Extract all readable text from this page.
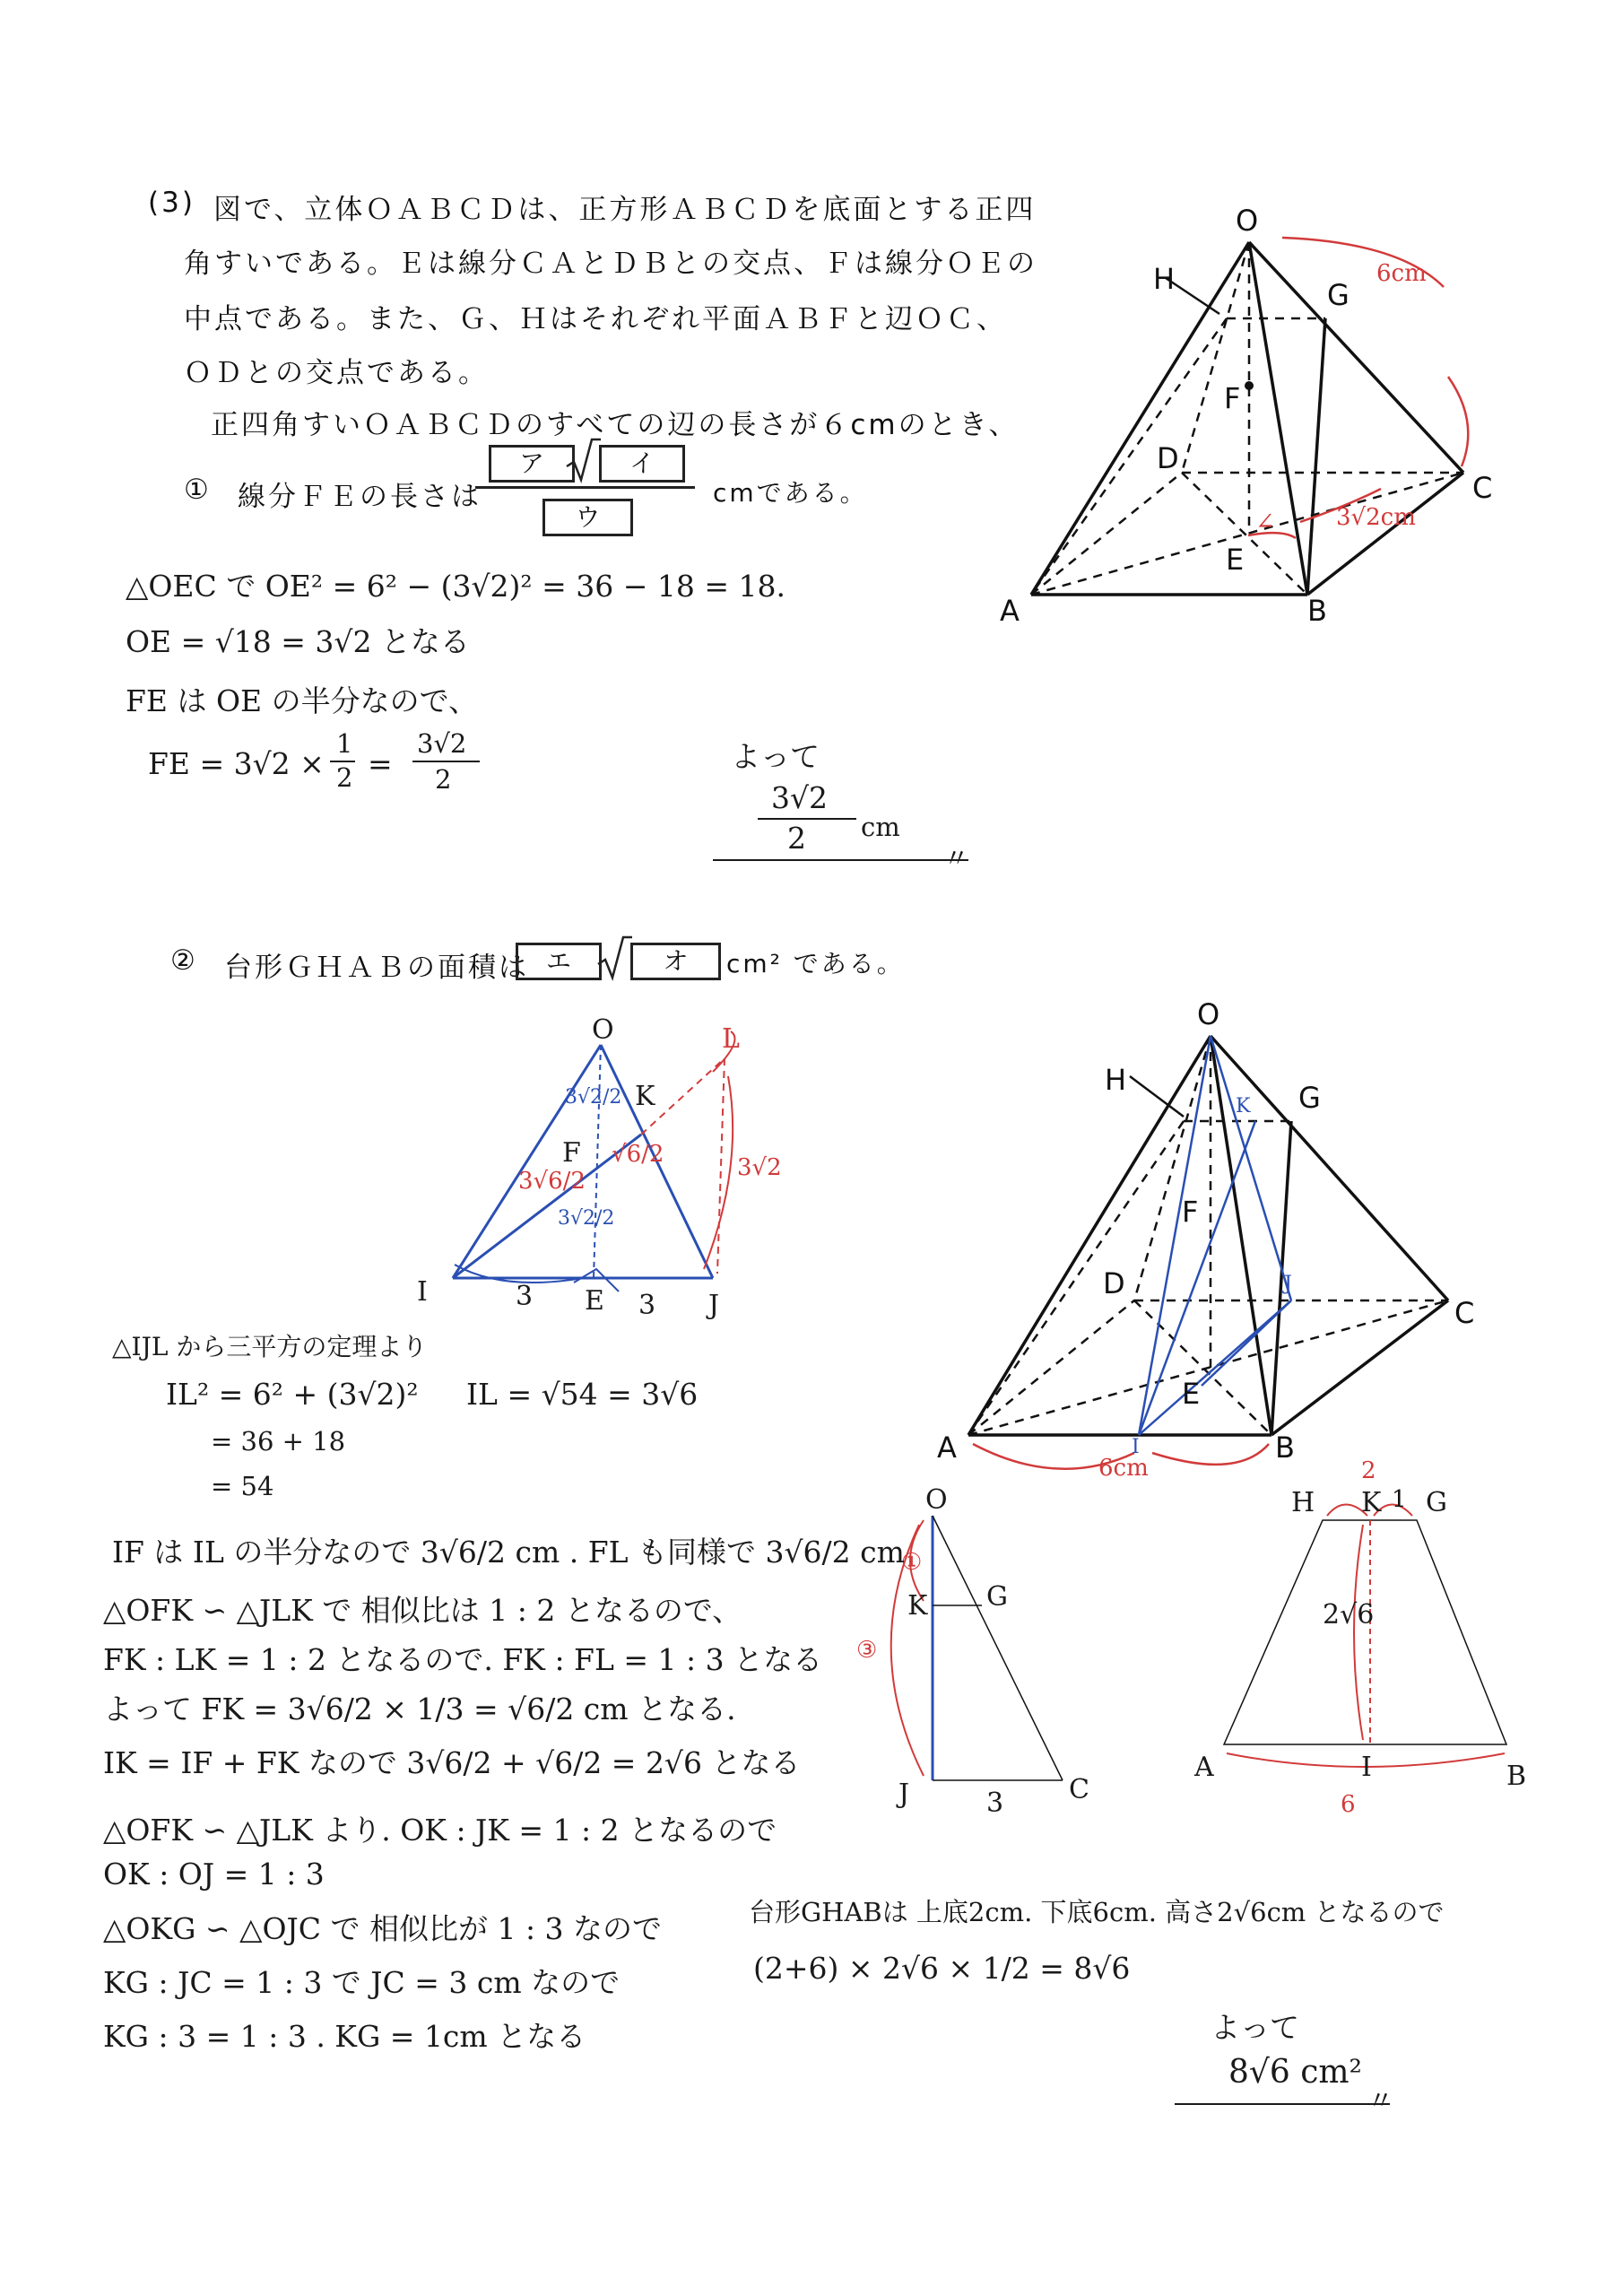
(3) 図で、立体ＯＡＢＣＤは、正方形ＡＢＣＤを底面とする正四
角すいである。Ｅは線分ＣＡとＤＢとの交点、Ｆは線分ＯＥの
中点である。また、Ｇ、Ｈはそれぞれ平面ＡＢＦと辺ＯＣ、
ＯＤとの交点である。
正四角すいＯＡＢＣＤのすべての辺の長さが６cmのとき、
① 線分ＦＥの長さは
ア	イ
ウ
cmである。
O
H	G
F
D
C
E
A	B
6cm
3√2cm
∠
△OEC で OE² = 6² − (3√2)² = 36 − 18 = 18.
OE = √18 = 3√2 となる
FE は OE の半分なので、
FE = 3√2 ×
1
2 =
3√2
2
よって
3√2
2 cm
〃
② 台形ＧＨＡＢの面積は エ	オ	cm² である。
O
K
F
I	E	J
L
3√2/2
3√2/2
3√6/2
√6/2	3√2
3	3
O
H
G
K
F
D	J
C
E
A	I	B
6cm
O
K G
J	C
3
①
③
H K G
A	I	B
2
1
2√6
6
△IJL から三平方の定理より
IL² = 6² + (3√2)² IL = √54 = 3√6
= 36 + 18
= 54
IF は IL の半分なので 3√6/2 cm . FL も同様で 3√6/2 cm
△OFK ∽ △JLK で 相似比は 1 : 2 となるので、
FK : LK = 1 : 2 となるので. FK : FL = 1 : 3 となる
よって FK = 3√6/2 × 1/3 = √6/2 cm となる.
IK = IF + FK なので 3√6/2 + √6/2 = 2√6 となる
△OFK ∽ △JLK より. OK : JK = 1 : 2 となるので
OK : OJ = 1 : 3
△OKG ∽ △OJC で 相似比が 1 : 3 なので
KG : JC = 1 : 3 で JC = 3 cm なので
KG : 3 = 1 : 3 . KG = 1cm となる
台形GHABは 上底2cm. 下底6cm. 高さ2√6cm となるので
(2+6) × 2√6 × 1/2 = 8√6
よって
8√6 cm²
〃
